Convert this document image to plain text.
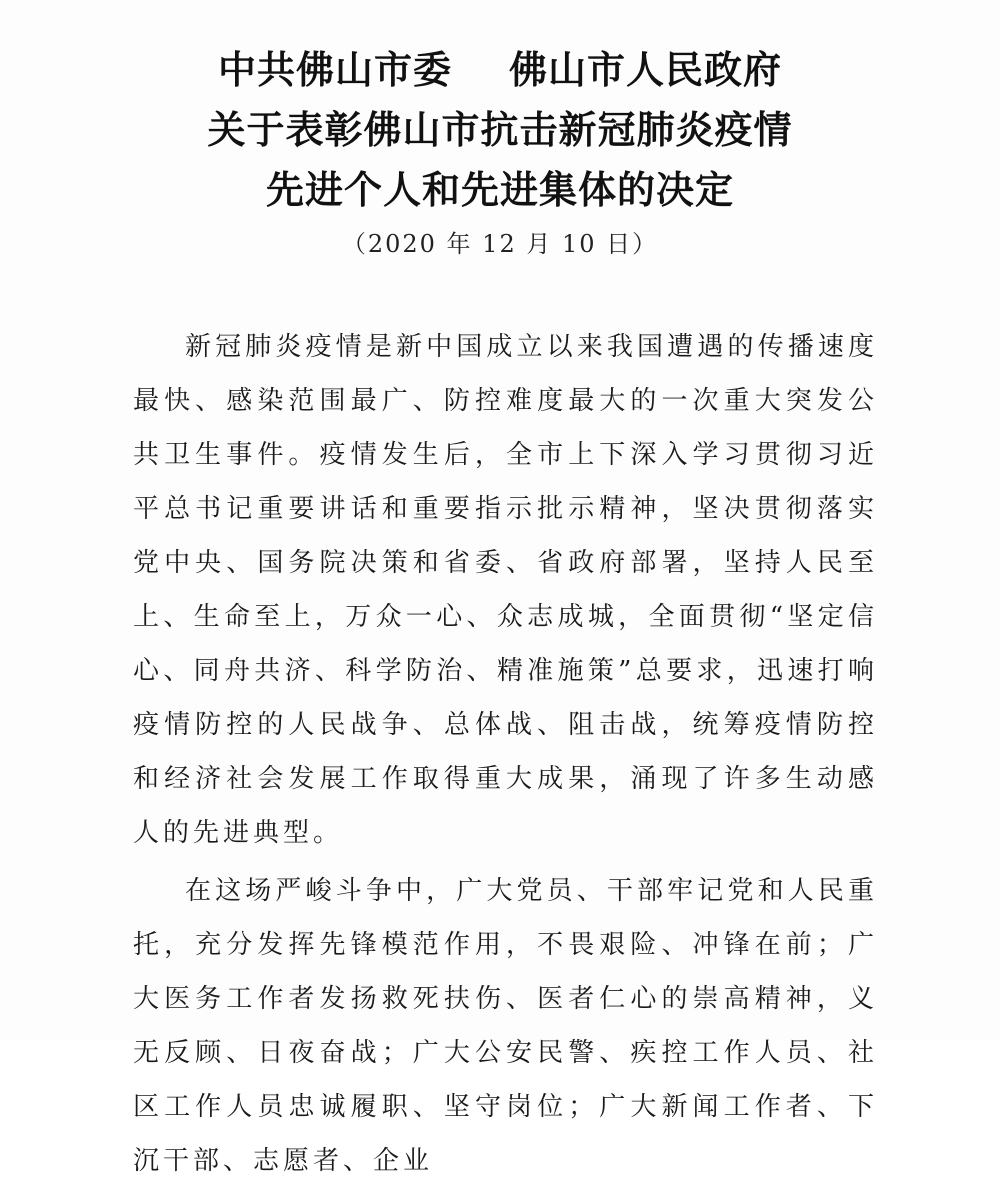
中共佛山市委    佛山市人民政府
关于表彰佛山市抗击新冠肺炎疫情
先进个人和先进集体的决定
（2020 年 12 月 10 日）

新冠肺炎疫情是新中国成立以来我国遭遇的传播速度最快、感染范围最广、防控难度最大的一次重大突发公共卫生事件。疫情发生后，全市上下深入学习贯彻习近平总书记重要讲话和重要指示批示精神，坚决贯彻落实党中央、国务院决策和省委、省政府部署，坚持人民至上、生命至上，万众一心、众志成城，全面贯彻“坚定信心、同舟共济、科学防治、精准施策”总要求，迅速打响疫情防控的人民战争、总体战、阻击战，统筹疫情防控和经济社会发展工作取得重大成果，涌现了许多生动感人的先进典型。

在这场严峻斗争中，广大党员、干部牢记党和人民重托，充分发挥先锋模范作用，不畏艰险、冲锋在前；广大医务工作者发扬救死扶伤、医者仁心的崇高精神，义无反顾、日夜奋战；广大公安民警、疾控工作人员、社区工作人员忠诚履职、坚守岗位；广大新闻工作者、下沉干部、志愿者、企业
